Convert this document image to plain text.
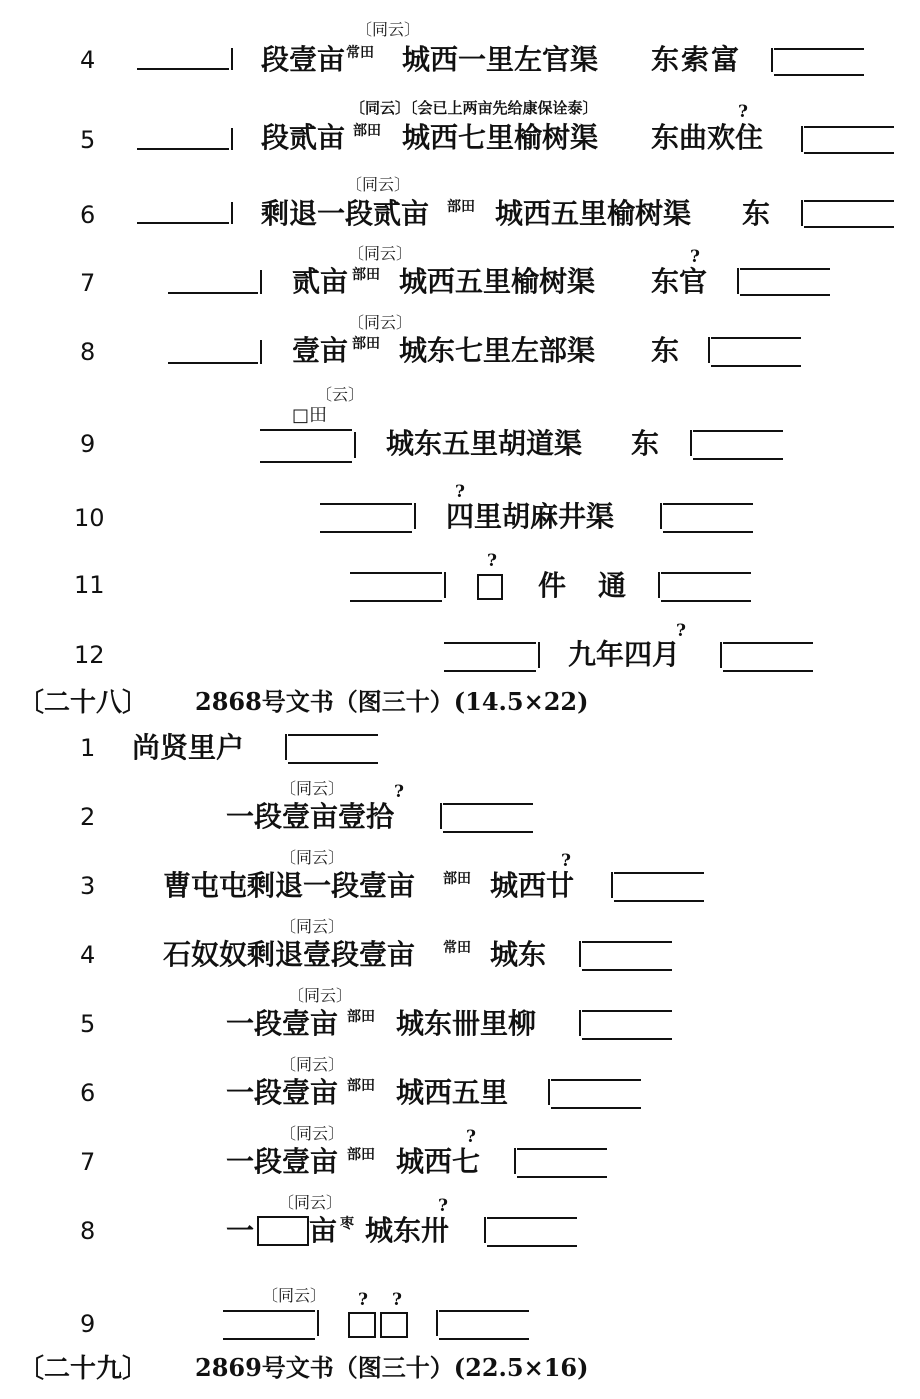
4
〔同云〕
段壹亩 常田 城西一里左官渠 东索富
5
〔同云〕〔会已上两亩先给康保诠泰〕	?
段贰亩 部田 城西七里榆树渠 东曲欢住
6
〔同云〕
剩退一段贰亩 部田 城西五里榆树渠 东
7
〔同云〕	?
贰亩 部田 城西五里榆树渠 东官
8
〔同云〕
壹亩 部田 城东七里左部渠 东
9
〔云〕
□田
城东五里胡道渠 东
10
?
四里胡麻井渠
11
?
件 通
12
?
九年四月
〔二十八〕 2868号文书（图三十）(14.5×22)
1 尚贤里户
2
〔同云〕	?
一段壹亩壹拾
3
〔同云〕	?
曹屯屯剩退一段壹亩 部田 城西廿
4
〔同云〕
石奴奴剩退壹段壹亩 常田 城东
5
〔同云〕
一段壹亩 部田 城东卌里柳
6
〔同云〕
一段壹亩 部田 城西五里
7
〔同云〕	?
一段壹亩 部田 城西七
8
〔同云〕	?
一 亩 枣 城东卅
9
〔同云〕 ? ?
〔二十九〕 2869号文书（图三十）(22.5×16)
